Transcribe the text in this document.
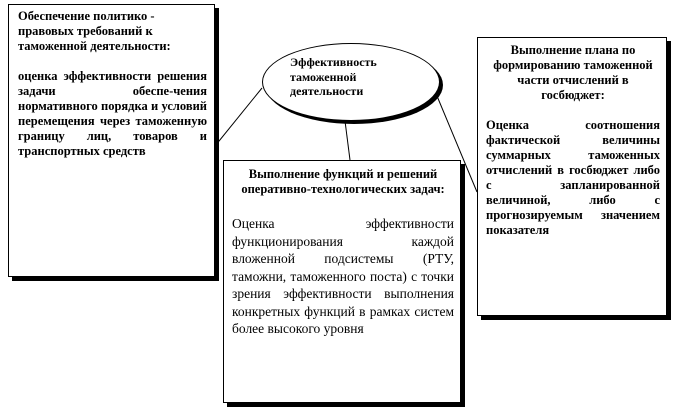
Обеспечение политико - правовых требований к таможенной деятельности:
оценка эффективности решения задачи обеспе-чения нормативного порядка и условий перемещения через таможенную границу лиц, товаров и транспортных средств
Выполнение функций и решений оперативно-технологических задач:
Оценка эффективности функционирования каждой вложенной подсистемы (РТУ, таможни, таможенного поста) с точки зрения эффективности выполнения конкретных функций в рамках систем более высокого уровня
Выполнение плана по формированию таможенной части отчислений в госбюджет:
Оценка соотношения фактической величины суммарных таможенных отчислений в госбюджет либо с запланированной величиной, либо с прогнозируемым значением показателя
Эффективность таможенной деятельности
